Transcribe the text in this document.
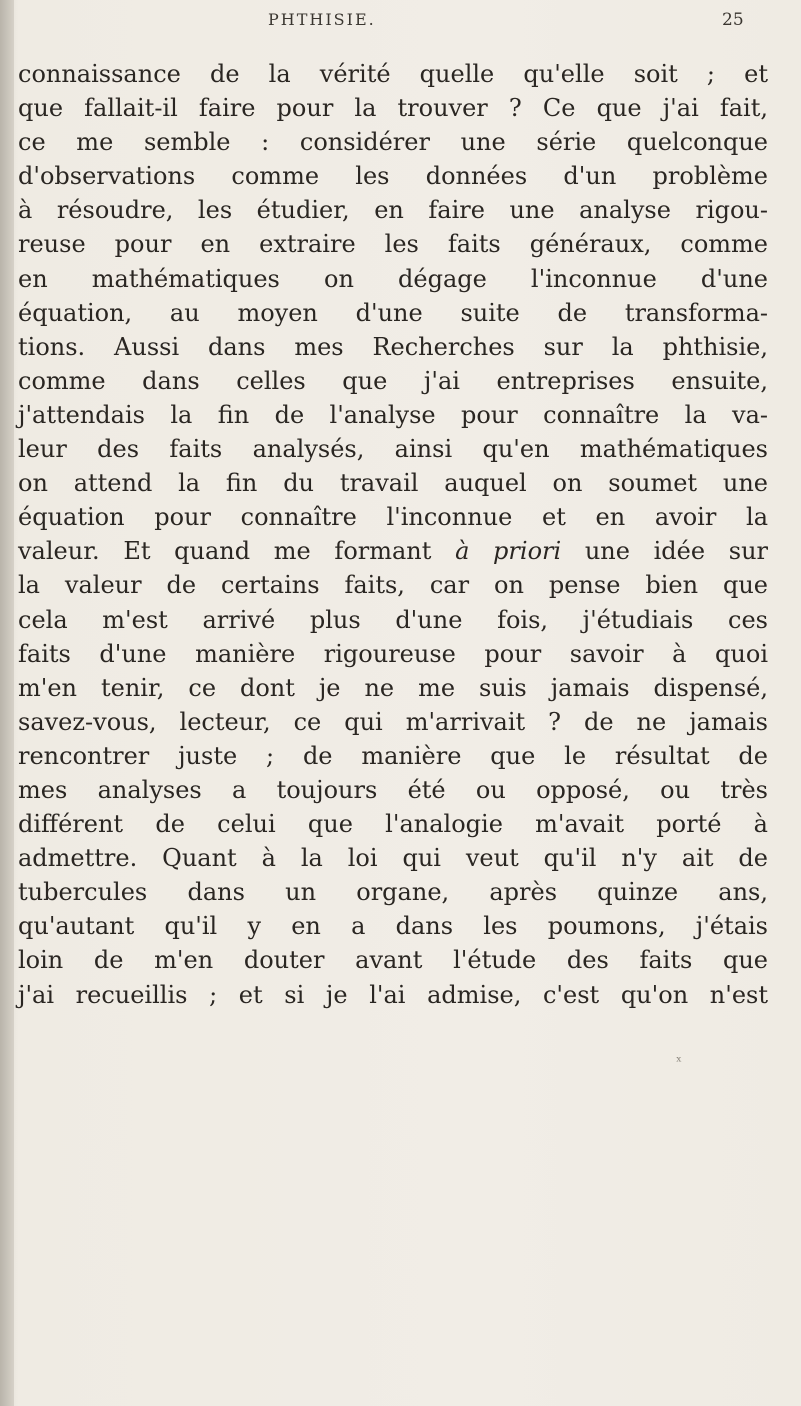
PHTHISIE.	25
connaissance de la vérité quelle qu'elle soit ; et
que fallait-il faire pour la trouver ? Ce que j'ai fait,
ce me semble : considérer une série quelconque
d'observations comme les données d'un problème
à résoudre, les étudier, en faire une analyse rigou-
reuse pour en extraire les faits généraux, comme
en mathématiques on dégage l'inconnue d'une
équation, au moyen d'une suite de transforma-
tions. Aussi dans mes Recherches sur la phthisie,
comme dans celles que j'ai entreprises ensuite,
j'attendais la fin de l'analyse pour connaître la va-
leur des faits analysés, ainsi qu'en mathématiques
on attend la fin du travail auquel on soumet une
équation pour connaître l'inconnue et en avoir la
valeur. Et quand me formant à priori une idée sur
la valeur de certains faits, car on pense bien que
cela m'est arrivé plus d'une fois, j'étudiais ces
faits d'une manière rigoureuse pour savoir à quoi
m'en tenir, ce dont je ne me suis jamais dispensé,
savez-vous, lecteur, ce qui m'arrivait ? de ne jamais
rencontrer juste ; de manière que le résultat de
mes analyses a toujours été ou opposé, ou très
différent de celui que l'analogie m'avait porté à
admettre. Quant à la loi qui veut qu'il n'y ait de
tubercules dans un organe, après quinze ans,
qu'autant qu'il y en a dans les poumons, j'étais
loin de m'en douter avant l'étude des faits que
j'ai recueillis ; et si je l'ai admise, c'est qu'on n'est
ˣ
